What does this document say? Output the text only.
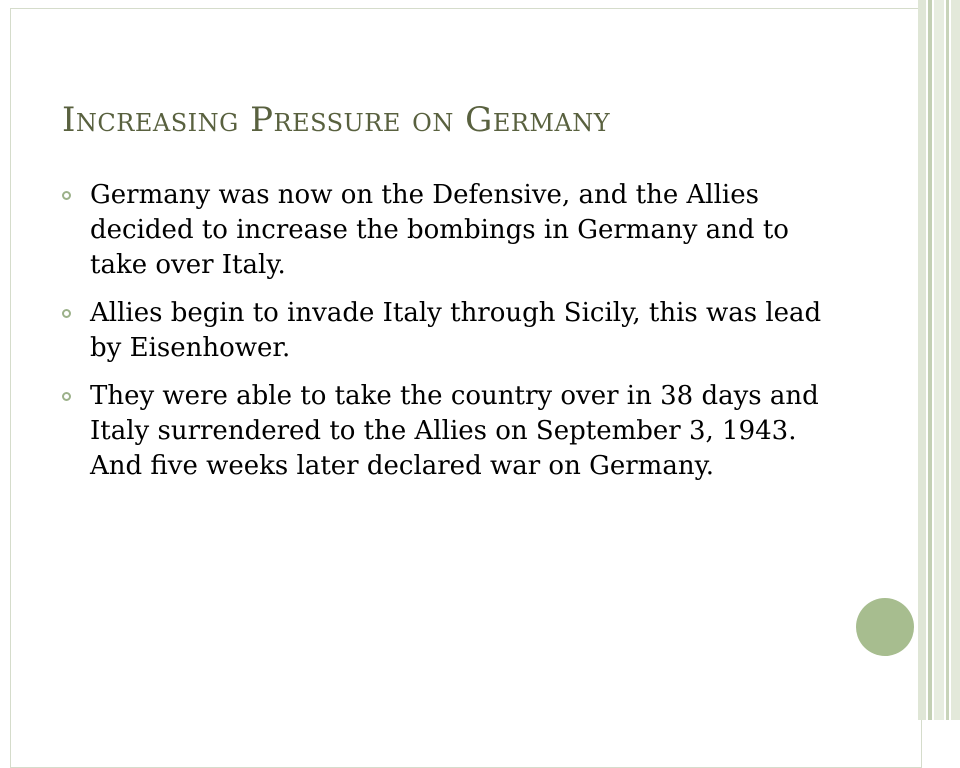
Increasing Pressure on Germany
Germany was now on the Defensive, and the Allies decided to increase the bombings in Germany and to take over Italy.
Allies begin to invade Italy through Sicily, this was lead by Eisenhower.
They were able to take the country over in 38 days and Italy surrendered to the Allies on September 3, 1943. And five weeks later declared war on Germany.
